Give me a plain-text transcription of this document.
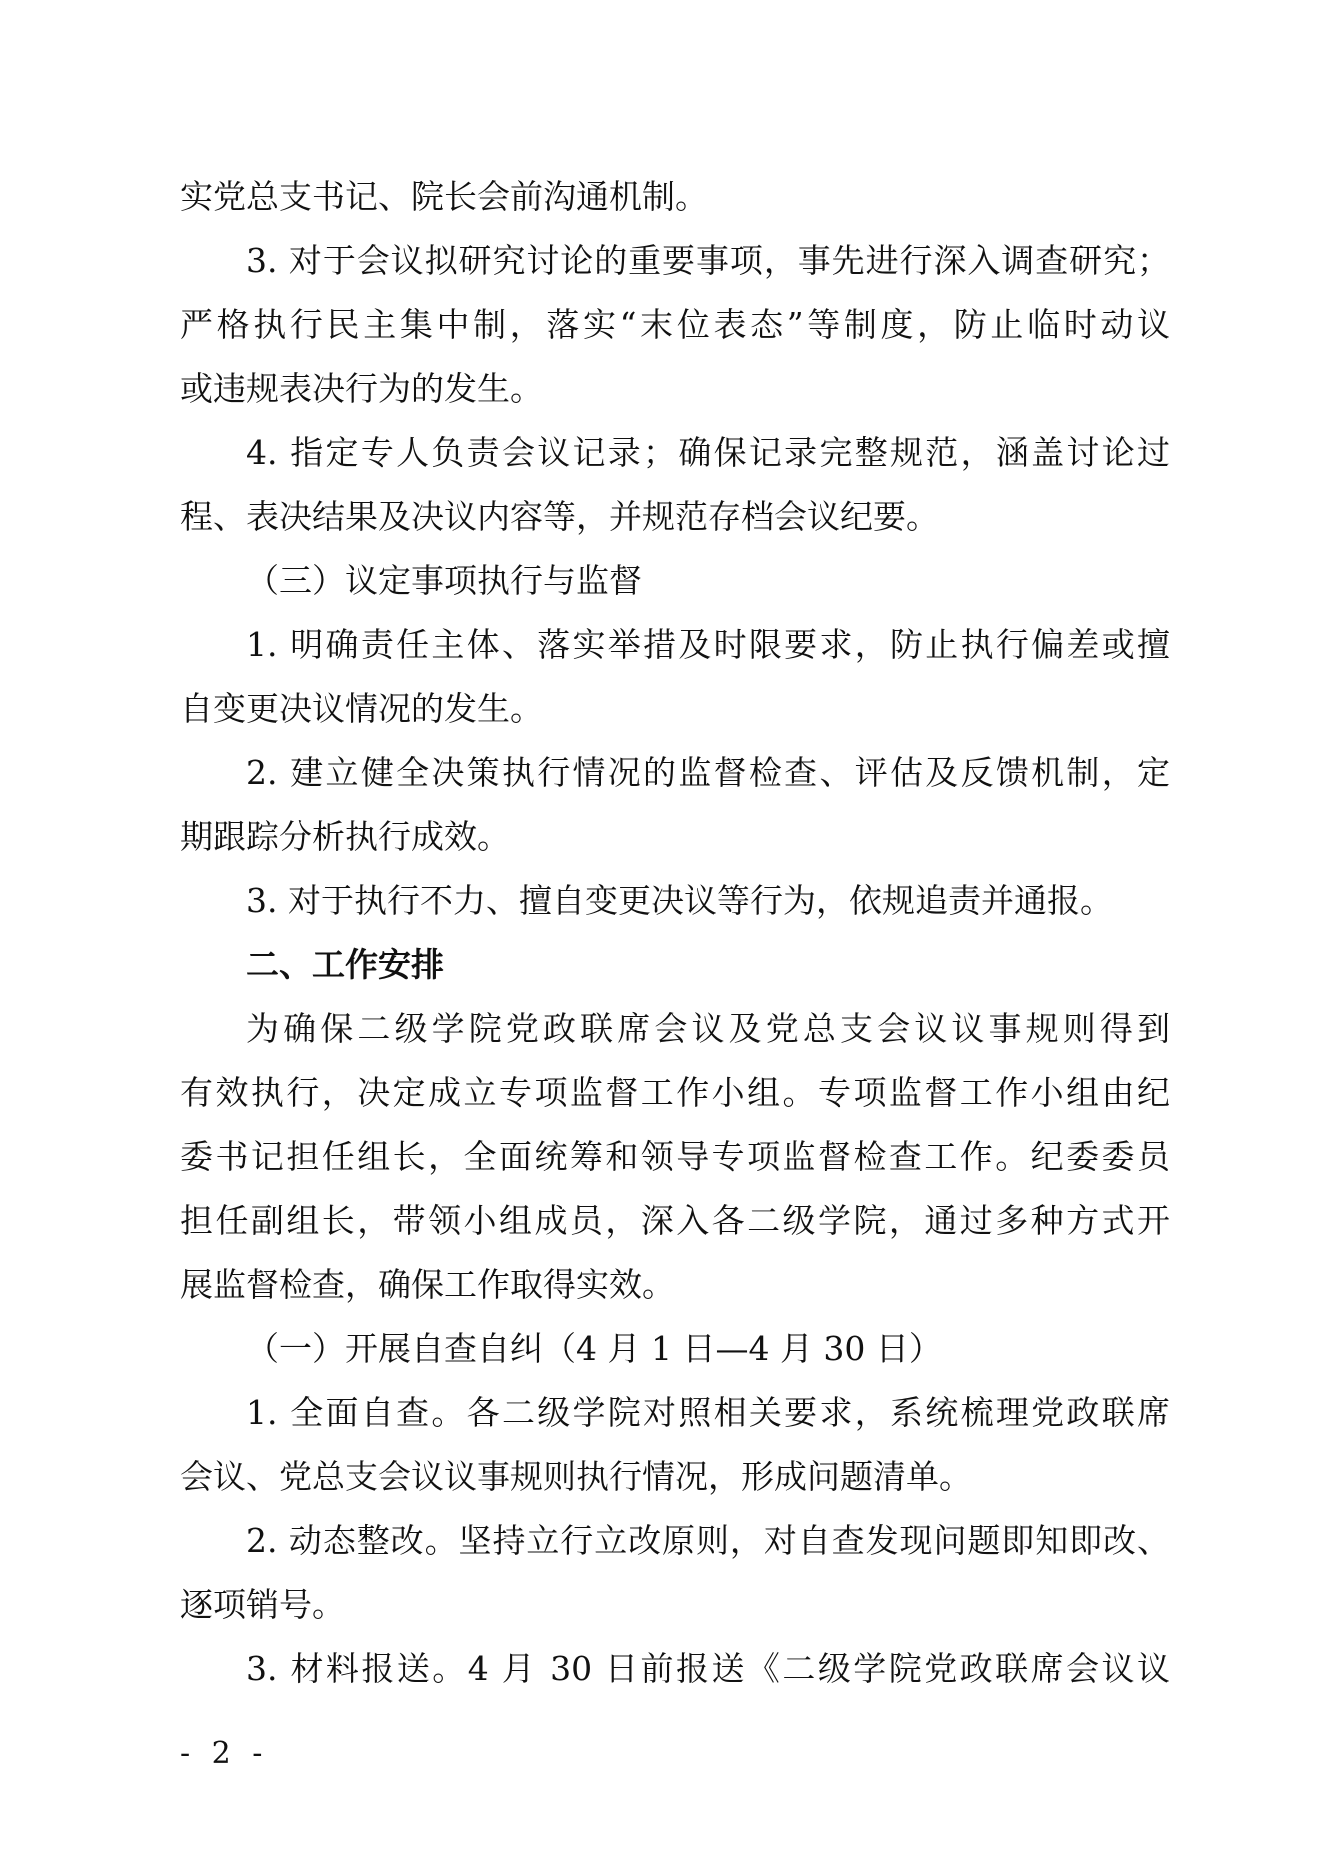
实党总支书记、院长会前沟通机制。
3. 对于会议拟研究讨论的重要事项，事先进行深入调查研究；
严格执行民主集中制，落实“末位表态”等制度，防止临时动议
或违规表决行为的发生。
4. 指定专人负责会议记录；确保记录完整规范，涵盖讨论过
程、表决结果及决议内容等，并规范存档会议纪要。
（三）议定事项执行与监督
1. 明确责任主体、落实举措及时限要求，防止执行偏差或擅
自变更决议情况的发生。
2. 建立健全决策执行情况的监督检查、评估及反馈机制，定
期跟踪分析执行成效。
3. 对于执行不力、擅自变更决议等行为，依规追责并通报。
二、工作安排
为确保二级学院党政联席会议及党总支会议议事规则得到
有效执行，决定成立专项监督工作小组。专项监督工作小组由纪
委书记担任组长，全面统筹和领导专项监督检查工作。纪委委员
担任副组长，带领小组成员，深入各二级学院，通过多种方式开
展监督检查，确保工作取得实效。
（一）开展自查自纠（4 月 1 日—4 月 30 日）
1. 全面自查。各二级学院对照相关要求，系统梳理党政联席
会议、党总支会议议事规则执行情况，形成问题清单。
2. 动态整改。坚持立行立改原则，对自查发现问题即知即改、
逐项销号。
3. 材料报送。4 月 30 日前报送《二级学院党政联席会议议
- 2 -
